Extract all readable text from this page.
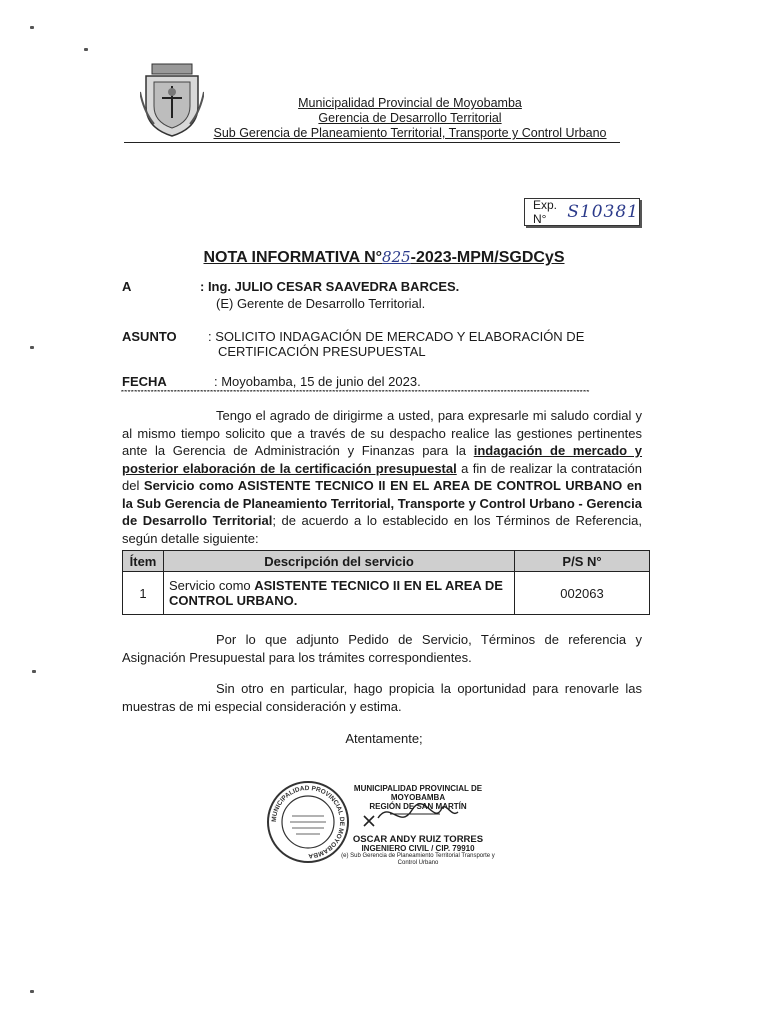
Municipalidad Provincial de Moyobamba
Gerencia de Desarrollo Territorial
Sub Gerencia de Planeamiento Territorial, Transporte y Control Urbano
Exp. N°	S10381
NOTA INFORMATIVA N°825-2023-MPM/SGDCyS
A	: Ing. JULIO CESAR SAAVEDRA BARCES.
(E) Gerente de Desarrollo Territorial.
ASUNTO : SOLICITO INDAGACIÓN DE MERCADO Y ELABORACIÓN DE
CERTIFICACIÓN PRESUPUESTAL
FECHA	: Moyobamba, 15 de junio del 2023.
**********************************************************************************************************************************************
Tengo el agrado de dirigirme a usted, para expresarle mi saludo cordial y al mismo tiempo solicito que a través de su despacho realice las gestiones pertinentes ante la Gerencia de Administración y Finanzas para la indagación de mercado y posterior elaboración de la certificación presupuestal a fin de realizar la contratación del Servicio como ASISTENTE TECNICO II EN EL AREA DE CONTROL URBANO en la Sub Gerencia de Planeamiento Territorial, Transporte y Control Urbano - Gerencia de Desarrollo Territorial; de acuerdo a lo establecido en los Términos de Referencia, según detalle siguiente:
Ítem	Descripción del servicio	P/S N°
1	Servicio como ASISTENTE TECNICO II EN EL AREA DE CONTROL URBANO.	002063
Por lo que adjunto Pedido de Servicio, Términos de referencia y Asignación Presupuestal para los trámites correspondientes.
Sin otro en particular, hago propicia la oportunidad para renovarle las muestras de mi especial consideración y estima.
Atentamente;
MUNICIPALIDAD PROVINCIAL DE MOYOBAMBA
MUNICIPALIDAD PROVINCIAL DE MOYOBAMBA
REGIÓN DE SAN MARTÍN
OSCAR ANDY RUIZ TORRES
INGENIERO CIVIL / CIP. 79910
(e) Sub Gerencia de Planeamiento Territorial Transporte y Control Urbano
